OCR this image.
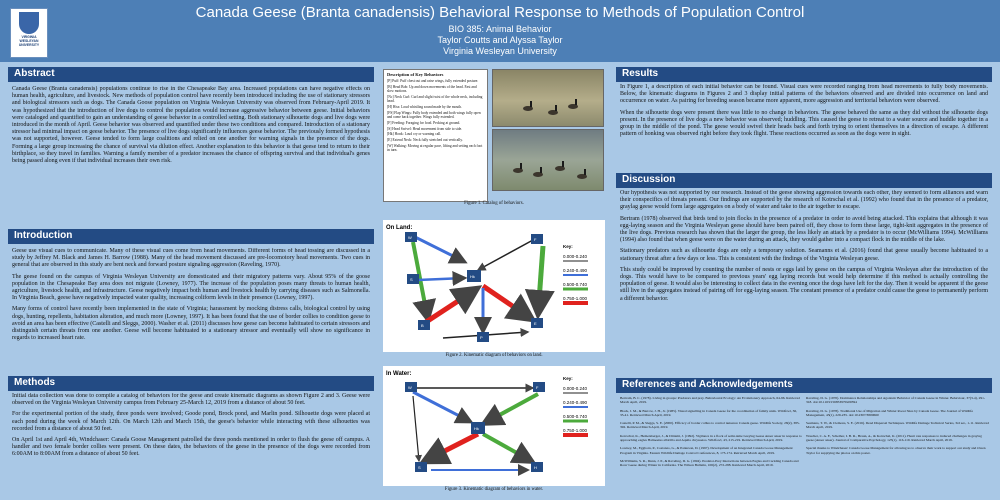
VIRGINIA
WESLEYAN
UNIVERSITY
Canada Geese (Branta canadensis) Behavioral Response to Methods of Population Control
BIO 385: Animal Behavior
Taylor Coutts and Alyssa Taylor
Virginia Wesleyan University
Abstract

Canada Geese (Branta canadensis) populations continue to rise in the Chesapeake Bay area. Increased populations can have negative effects on human health, agriculture, and livestock. New methods of population control have recently been introduced including the use of stationary stressors and biological stressors such as dogs. The Canada Goose population on Virginia Wesleyan University was observed from February-April 2019. It was hypothesized that the introduction of live dogs to control the population would increase aggressive behavior between geese. Initial behaviors were cataloged and quantified to gain an understanding of geese behavior in a controlled setting. Both stationary silhouette dogs and live dogs were introduced in the month of April. Geese behavior was observed and quantified under these two conditions and compared. Introduction of a stationary stressor had minimal impact on geese behavior. The presence of live dogs significantly influences geese behavior. The previously formed hypothesis was not supported, however. Geese tended to form large coalitions and relied on one another for warning signals in the presence of the dogs. Forming a large group increasing the chance of survival via dilution effect. Another explanation to this behavior is that geese tend to return to their birthplace, so they travel in families. Warning a family member of a predator increases the chance of offspring survival and that individual's genes being passed along even if that individual increases their own risk.

Introduction

Geese use visual cues to communicate. Many of these visual cues come from head movements. Different forms of head tossing are discussed in a study by Jeffrey M. Black and James H. Barrow (1988). Many of the head movement discussed are pre-locomotory head movements. Two cues in general that are observed in this study are bent neck and forward posture signaling aggression (Raveling, 1970).

The geese found on the campus of Virginia Wesleyan University are domesticated and their migratory patterns vary. About 95% of the goose population in the Chesapeake Bay area does not migrate (Lowney, 1977). The increase of the population poses many threats to human health, agriculture, livestock health, and infrastructure. Geese negatively impact both human and livestock health by carrying diseases such as Salmonella. In Virginia Beach, geese have negatively impacted water quality, increasing coliform levels in their presence (Lowney, 1997).

Many forms of control have recently been implemented in the state of Virginia; harassment by mocking distress calls, biological control by using dogs, hunting, repellents, habitation alteration, and much more (Lowney, 1997). It has been found that the use of border collies to condition geese to avoid an area has been effective (Castelli and Sleggs, 2000). Washer et al. (2011) discusses how geese can become habituated to certain stressors and distinguish certain threats from one another. Geese will become habituated to a stationary stressor and eventually will show no significance in regards to increased heart rate.

Methods

Initial data collection was done to compile a catalog of behaviors for the geese and create kinematic diagrams as shown Figure 2 and 3. Geese were observed on the Virginia Wesleyan University campus from February 25-March 12, 2019 from a distance of about 50 feet.

For the experimental portion of the study, three ponds were involved; Goode pond, Brock pond, and Marlin pond. Silhouette dogs were placed at each pond during the week of March 12th. On March 12th and March 15th, the geese's behavior while interacting with these silhouettes was recorded from a distance of about 50 feet.

On April 1st and April 4th, Windchaser: Canada Goose Management patrolled the three ponds mentioned in order to flush the geese off campus. A handler and two female border collies were present. On these dates, the behaviors of the geese in the presence of the dogs were recorded from 6:00AM to 8:00AM from a distance of about 50 feet.

Description of Key Behaviors
[P] Puff: Puff chest out and raise wings, fully extended posture.
[B] Head Bob: Up and down movements of the head. Fast and slow motions.
[Nc] Neck Curl: Curl and slight twist of the whole neck, including head.
[H] Hiss: Loud whistling sound made by the mouth.
[FS] Flap Wings: Fully body extended and both wings fully open and come back together. Wings fully extended.
[F] Feeding: Foraging for food. Pecking at ground.
[S] Head Swivel: Head movement from side to side.
[Hk] Honk: Loud cry or warning call.
[E] Extend Neck: Neck fully stretched out vertically.
[W] Walking: Moving at regular pace, lifting and setting each foot in turn.
Figure 1. Catalog of behaviors.
On Land:
W	F
Hk
S
B	E
P
Key:
0.000-0.240
0.240-0.490
0.500-0.740
0.750-1.000
Figure 2. Kinematic diagram of behaviors on land.
In Water:
W	F
Hk
S	H
Key:
0.000-0.240
0.240-0.490
0.500-0.740
0.750-1.000
Figure 3. Kinematic diagram of behaviors in water.
Results

In Figure 1, a description of each initial behavior can be found. Visual cues were recorded ranging from head movements to fully body movements. Below, the kinematic diagrams in Figures 2 and 3 display initial patterns of the behaviors observed and are divided into occurrence on land and occurrence on water. As pairing for breeding season became more apparent, more aggression and territorial behaviors were observed.

When the silhouette dogs were present there was little to no change in behaviors. The geese behaved the same as they did without the silhouette dogs present. In the presence of live dogs a new behavior was observed; huddling. This caused the geese to retreat to a water source and huddle together in a group in the middle of the pond. The geese would swivel their heads back and forth trying to orient themselves in a direction of escape. A different pattern of honking was observed right before they took flight. These reactions occurred as soon as the dogs were in sight.

Discussion

Our hypothesis was not supported by our research. Instead of the geese showing aggression towards each other, they seemed to form alliances and warn their conspecifics of threats present. Our findings are supported by the research of Kotrschal et al. (1992) who found that in the presence of a predator, graylag geese would form large aggregates on a body of water and take to the air together to escape.

Bertram (1978) observed that birds tend to join flocks in the presence of a predator in order to avoid being attacked. This explains that although it was egg-laying season and the Virginia Wesleyan geese should have been paired off, they chose to form these large, tight-knit aggregates in the presence of the live dogs. Previous research has shown that the larger the group, the less likely an attack by a predator is to occur (McWilliams 1994). McWilliams (1994) also found that when geese were on the water during an attack, they would gather into a compact flock in the middle of the lake.

Stationary predators such as silhouette dogs are only a temporary solution. Seamanns et al. (2016) found that geese usually become habituated to a stationary threat after a few days or less. This is consistent with the findings of the Virginia Wesleyan geese.

This study could be improved by counting the number of nests or eggs laid by geese on the campus of Virginia Wesleyan after the introduction of the dogs. This would have to be compared to previous years' egg laying records but would help determine if this method is actually controlling the population of geese. It would also be interesting to collect data in the evening once the dogs have left for the day. Then it would be apparent if the geese still live in the aggregates instead of pairing off for egg-laying season. The constant presence of a predator could cause the geese to permanently perform a different behavior.

References and Acknowledgements

Bertram, B. C. (1978). Living in groups: Predators and prey. Behavioural Ecology: An Evolutionary Approach, 64-96. Retrieved March April, 2019.

Black, J. M., & Barrow, J. H., Jr. (1985). Visual signalling in Canada Geese for the coordination of family units. Wildfowl, 36, 35-41. Retrieved March April, 2019.

Castelli, P. M., & Sleggs, S. E. (2000). Efficacy of border collies to control nuisance Canada geese. Wildlife Society, 28(2), 385-392. Retrieved March April, 2019.

Kotrschal, K., Hemetsberger, J., & Dittami, J. (1992). Vigilance in a flock of semi-tame Greylag Geese Anser anser in response to approaching eagles Haliaeetus albicilla and Aquila chrysaetos. Wildfowl, 43, 215-219. Retrieved March April, 2019.

Lowney, M., Eggborn, P., Costanzo, G., & Patterson, D. (1997). Development of an Integrated Canada Goose Management Program in Virginia. Eastern Wildlife Damage Control Conferences, 8, 173-174. Retrieved March April, 2019.

McWilliams, S. R., Dunn, J. P., & Raveling, D. G. (1994). Predator-Prey Interactions between Eagles and Cackling Canada and Ross' Geese during Winter in California. The Wilson Bulletin, 106(2), 272-288. Retrieved March April, 2019.

Raveling, D. G. (1970). Dominance Relationships and Agonistic Behavior of Canada Geese in Winter. Behaviour, 37(3-4), 291-318. doi:10.1163/156853970x00394

Raveling, D. G. (1978). Traditional Use of Migration and Winter Roost Sites by Canada Geese. The Journal of Wildlife Management, 43(1), 229-235. doi:10.2307/3800660

Seamans, T. W., & Clemons, S. E. (2016). Dead Dispersal Techniques. Wildlife Damage Technical Series, 3rd ser., 1-11. Retrieved March April, 2019.

Wascher, C. A. F., Scheiber, I. B. R., Braun, A., & Kotrschal, K. (2011). Heart rate responses to induced challenges in graylag geese (Anser anser). Journal of Comparative Psychology, 125(1), 116-119. Retrieved March April, 2019.

Special thanks to Windchaser: Canada Goose Management for allowing us to observe their work to support our study and Owen Taylor for supplying the photos on this poster.
